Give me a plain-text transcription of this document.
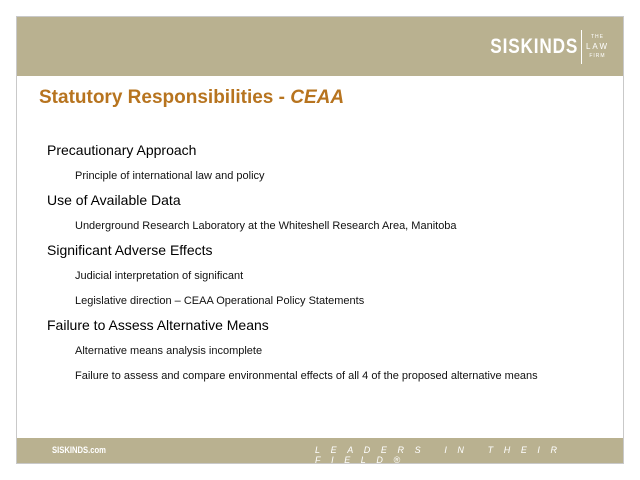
SISKINDS	THE
LAW
FIRM
Statutory Responsibilities - CEAA
Precautionary Approach
Principle of international law and policy
Use of Available Data
Underground Research Laboratory at the Whiteshell Research Area, Manitoba
Significant Adverse Effects
Judicial interpretation of significant
Legislative direction – CEAA Operational Policy Statements
Failure to Assess Alternative Means
Alternative means analysis incomplete
Failure to assess and compare environmental effects of all 4 of the proposed alternative means
SISKINDS.com	LEADERS IN THEIR FIELD®
